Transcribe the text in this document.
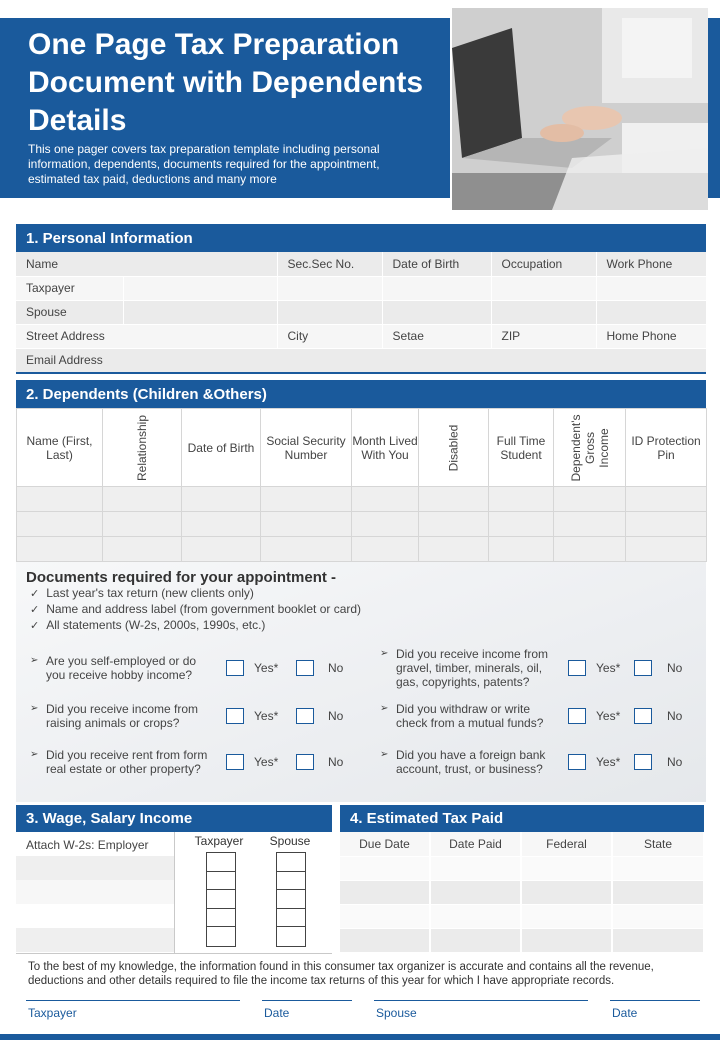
One Page Tax Preparation Document with Dependents Details
This one pager covers tax preparation template including personal information, dependents, documents required for the appointment, estimated tax paid, deductions and many more
1. Personal Information
Name		Sec.Sec No.	Date of Birth	Occupation	Work Phone
Taxpayer					
Spouse					
Street Address		City	Setae	ZIP	Home Phone
Email Address					
2. Dependents (Children &Others)
Name (First, Last)	Relationship	Date of Birth	Social Security Number	Month Lived With You	Disabled	Full Time Student	Dependent's Gross Income	ID Protection Pin

Documents required for your appointment -
✓ Last year's tax return (new clients only)
✓ Name and address label (from government booklet or card)
✓ All statements (W-2s, 2000s, 1990s, etc.)
➢ Are you self-employed or do you receive hobby income?	Yes*	No
➢ Did you receive income from raising animals or crops?	Yes*	No
➢ Did you receive rent from form real estate or other property?	Yes*	No
➢ Did you receive income from gravel, timber, minerals, oil, gas, copyrights, patents?
Yes*	No
➢ Did you withdraw or write check from a mutual funds?	Yes*	No
➢ Did you have a foreign bank account, trust, or business?	Yes*	No
3. Wage, Salary Income
Attach W-2s: Employer	Taxpayer	Spouse
4. Estimated Tax Paid
Due Date	Date Paid	Federal	State

To the best of my knowledge, the information found in this consumer tax organizer is accurate and contains all the revenue, deductions and other details required to file the income tax returns of this year for which I have appropriate records.
Taxpayer	Date	Spouse	Date
